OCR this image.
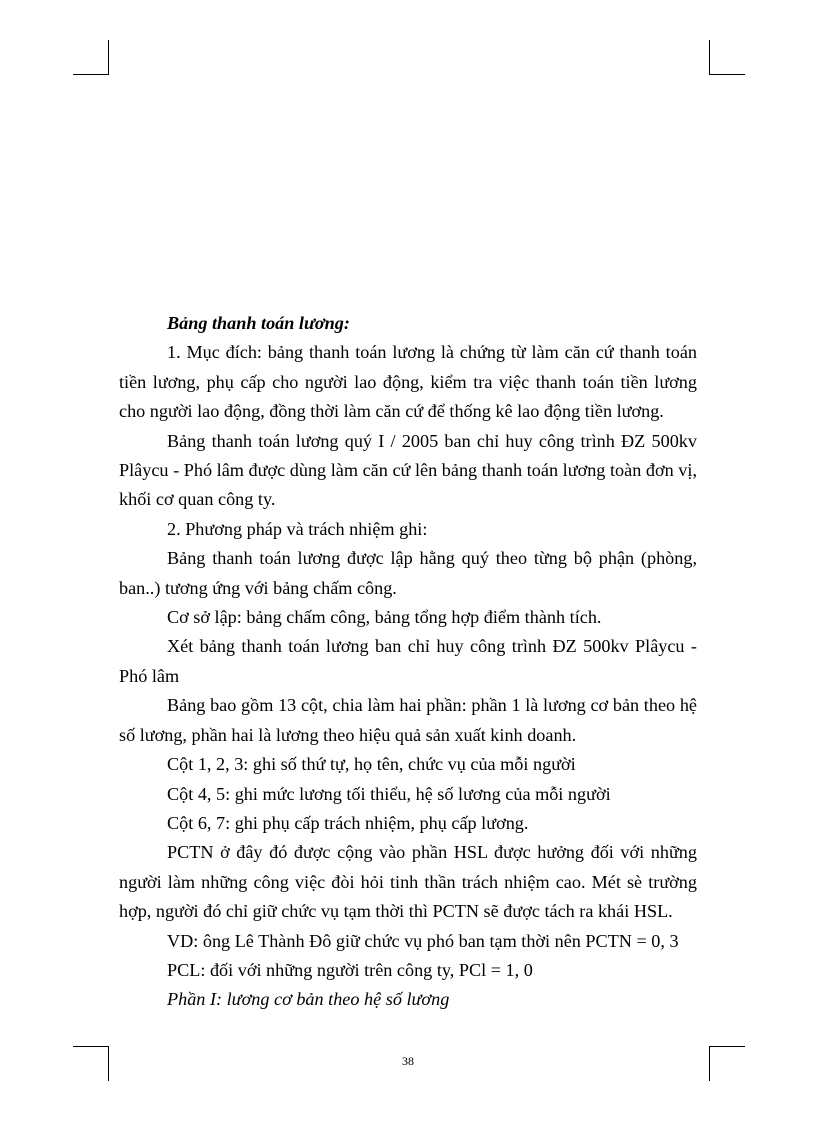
Bảng thanh toán lương:

1. Mục đích: bảng thanh toán lương là chứng từ làm căn cứ thanh toán tiền lương, phụ cấp cho người lao động, kiểm tra việc thanh toán tiền lương cho người lao động, đồng thời làm căn cứ để thống kê lao động tiền lương.

Bảng thanh toán lương quý I / 2005 ban chỉ huy công trình ĐZ 500kv Plâycu - Phó lâm được dùng làm căn cứ lên bảng thanh toán lương toàn đơn vị, khối cơ quan công ty.

2. Phương pháp và trách nhiệm ghi:

Bảng thanh toán lương được lập hằng quý theo từng bộ phận (phòng, ban..) tương ứng với bảng chấm công.

Cơ sở lập: bảng chấm công, bảng tổng hợp điểm thành tích.

Xét bảng thanh toán lương ban chỉ huy công trình ĐZ 500kv Plâycu - Phó lâm

Bảng bao gồm 13 cột, chia làm hai phần: phần 1 là lương cơ bản theo hệ số lương, phần hai là lương theo hiệu quả sản xuất kinh doanh.

Cột 1, 2, 3: ghi số thứ tự, họ tên, chức vụ của mỗi người

Cột 4, 5: ghi mức lương tối thiểu, hệ số lương của mỗi người

Cột 6, 7: ghi phụ cấp trách nhiệm, phụ cấp lương.

PCTN ở đây đó được cộng vào phần HSL được hưởng đối với những người làm những công việc đòi hỏi tinh thần trách nhiệm cao. Mét sè trường hợp, người đó chỉ giữ chức vụ tạm thời thì PCTN sẽ được tách ra khái HSL.

VD: ông Lê Thành Đô giữ chức vụ phó ban tạm thời nên PCTN = 0, 3

PCL: đối với những người trên công ty, PCl = 1, 0

Phần I: lương cơ bản theo hệ số lương

38
